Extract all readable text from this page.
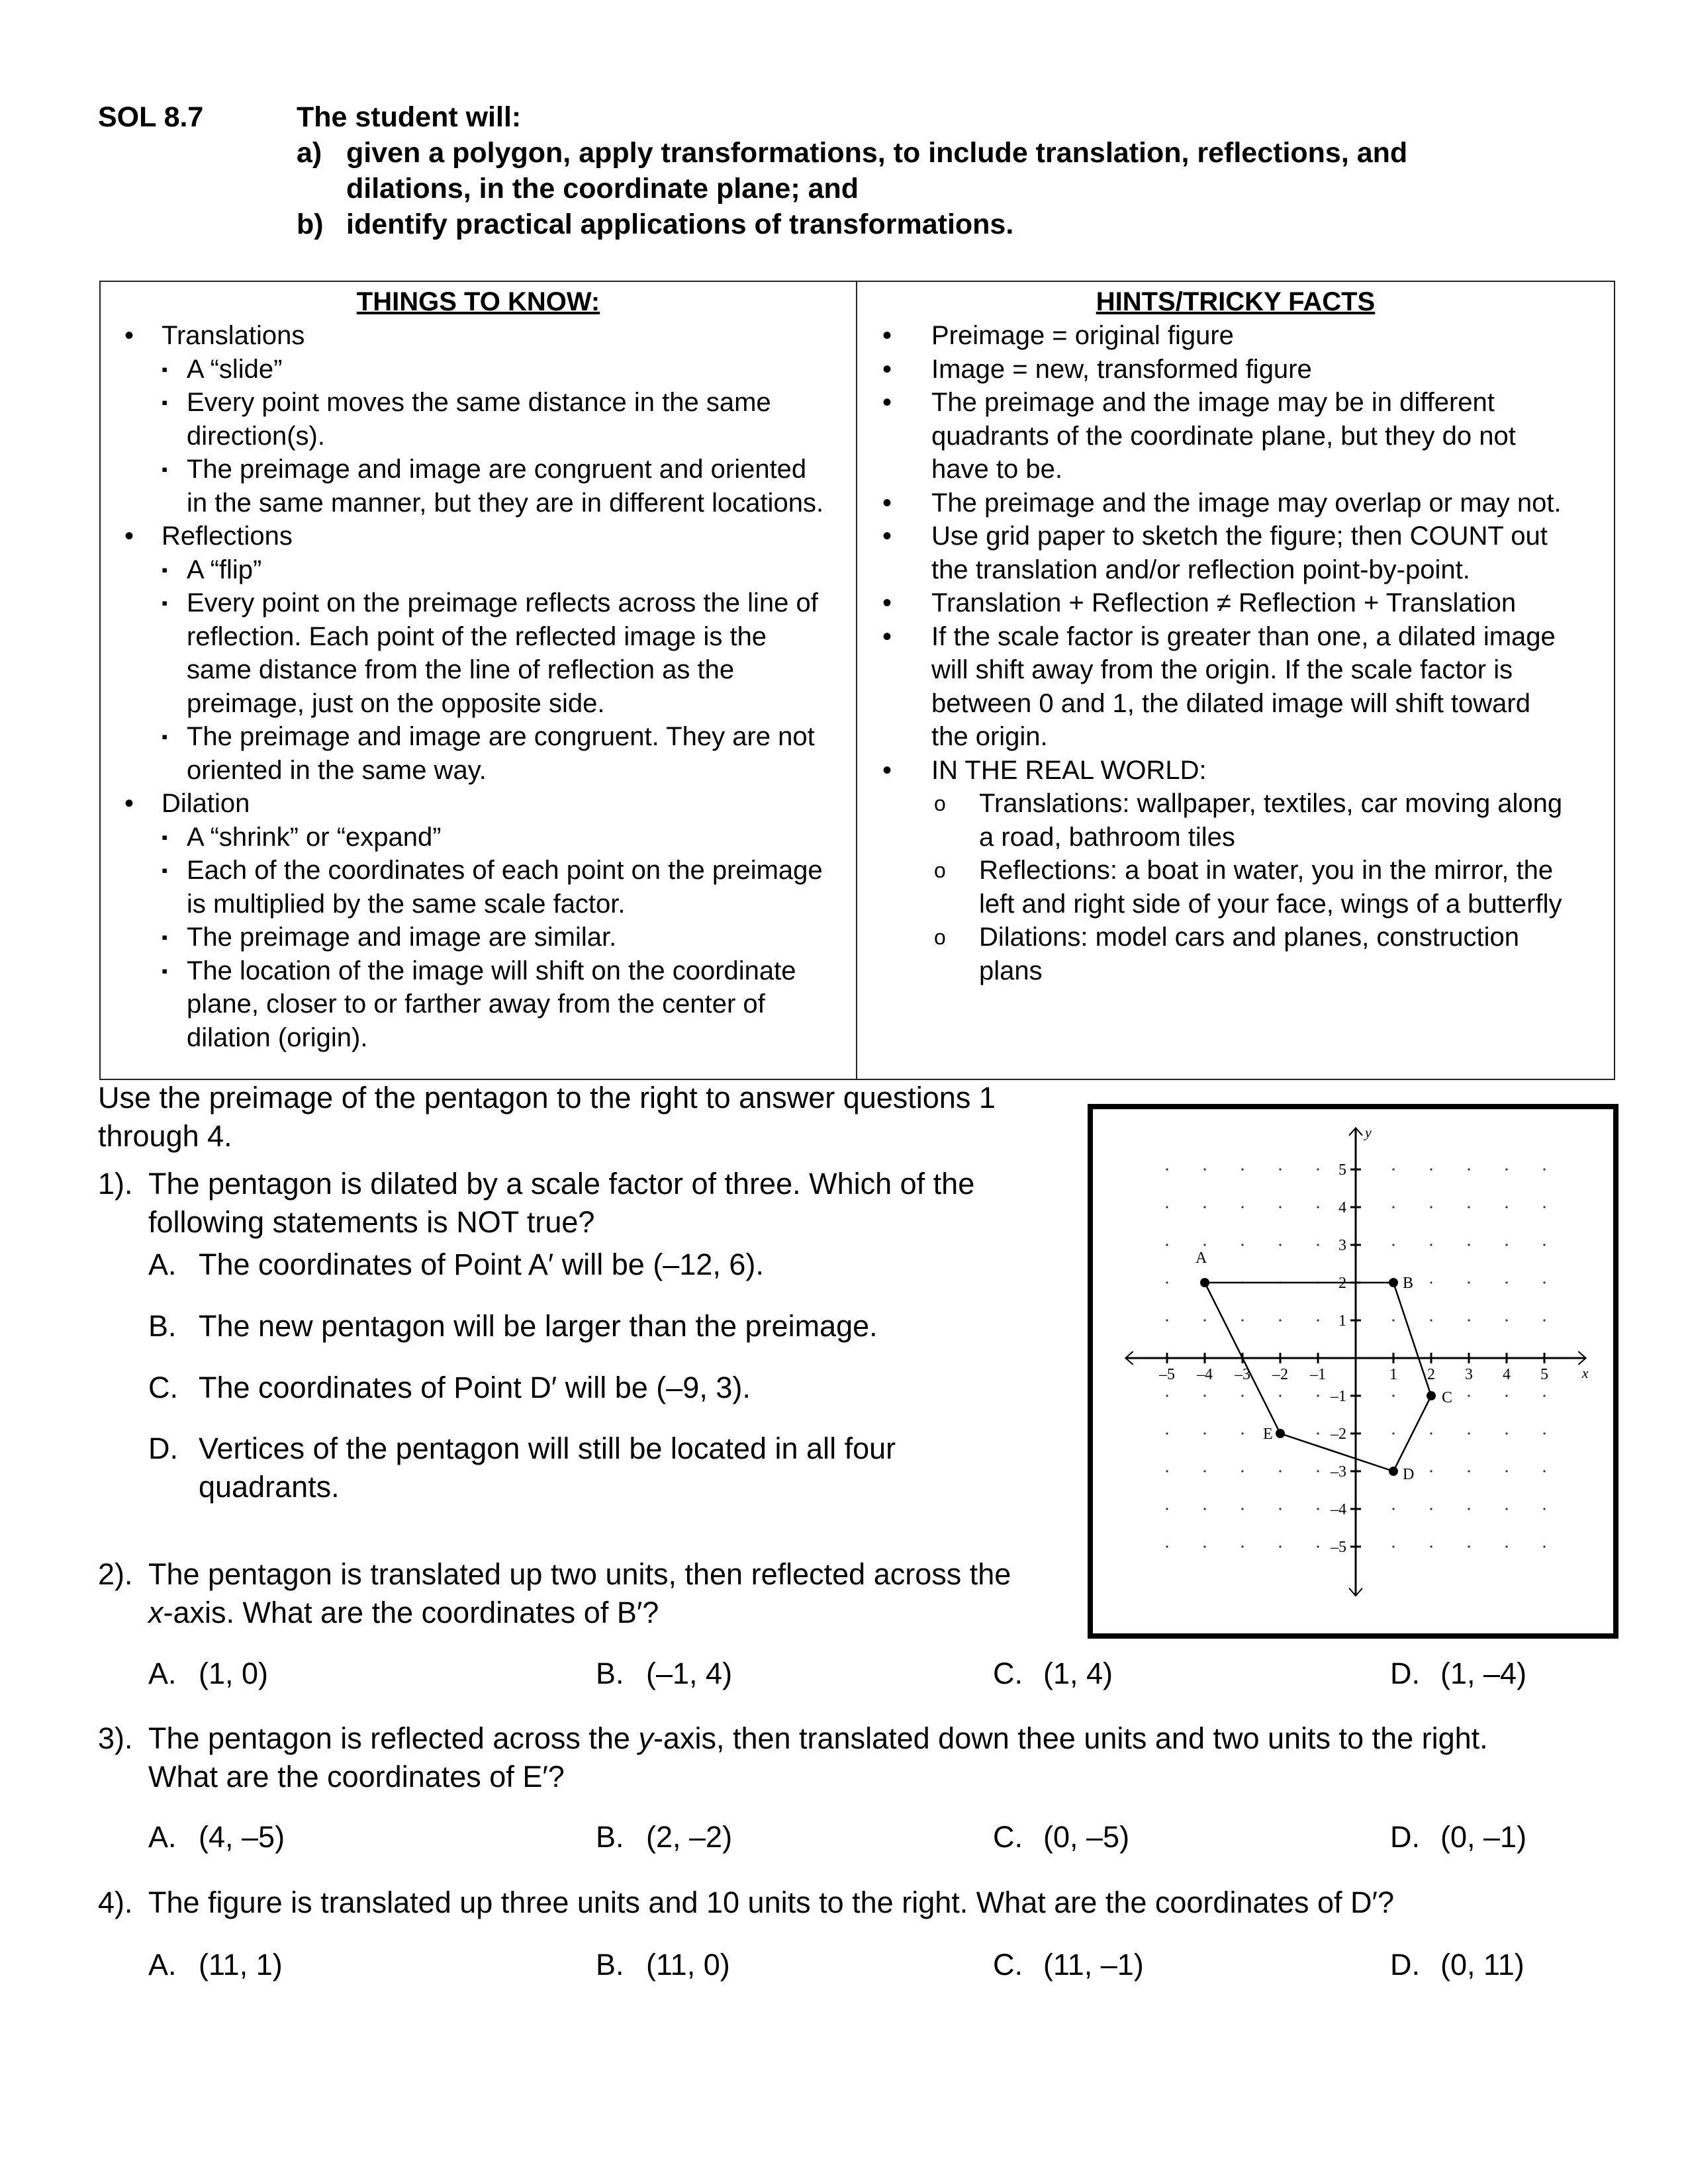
SOL 8.7	The student will:
a) given a polygon, apply transformations, to include translation, reflections, and
dilations, in the coordinate plane; and
b) identify practical applications of transformations.
THINGS TO KNOW:
•	Translations
▪ A “slide”
▪ Every point moves the same distance in the same
direction(s).
▪ The preimage and image are congruent and oriented
in the same manner, but they are in different locations.
•	Reflections
▪ A “flip”
▪ Every point on the preimage reflects across the line of
reflection. Each point of the reflected image is the
same distance from the line of reflection as the
preimage, just on the opposite side.
▪ The preimage and image are congruent. They are not
oriented in the same way.
•	Dilation
▪ A “shrink” or “expand”
▪ Each of the coordinates of each point on the preimage
is multiplied by the same scale factor.
▪ The preimage and image are similar.
▪ The location of the image will shift on the coordinate
plane, closer to or farther away from the center of
dilation (origin).
HINTS/TRICKY FACTS
•	Preimage = original figure
•	Image = new, transformed figure
•	The preimage and the image may be in different
quadrants of the coordinate plane, but they do not
have to be.
•	The preimage and the image may overlap or may not.
•	Use grid paper to sketch the figure; then COUNT out
the translation and/or reflection point-by-point.
•	Translation + Reflection ≠ Reflection + Translation
•	If the scale factor is greater than one, a dilated image
will shift away from the origin. If the scale factor is
between 0 and 1, the dilated image will shift toward
the origin.
•	IN THE REAL WORLD:
o	Translations: wallpaper, textiles, car moving along
a road, bathroom tiles
o	Reflections: a boat in water, you in the mirror, the
left and right side of your face, wings of a butterfly
o	Dilations: model cars and planes, construction
plans
Use the preimage of the pentagon to the right to answer questions 1
through 4.
1). The pentagon is dilated by a scale factor of three. Which of the
following statements is NOT true?
A. The coordinates of Point A′ will be (–12, 6).
B. The new pentagon will be larger than the preimage.
C. The coordinates of Point D′ will be (–9, 3).
D. Vertices of the pentagon will still be located in all four
quadrants.
2). The pentagon is translated up two units, then reflected across the
x-axis. What are the coordinates of B′?
A. (1, 0)	B. (–1, 4)	C. (1, 4)	D. (1, –4)
3). The pentagon is reflected across the y-axis, then translated down thee units and two units to the right.
What are the coordinates of E′?
A. (4, –5)	B. (2, –2)	C. (0, –5)	D. (0, –1)
4). The figure is translated up three units and 10 units to the right. What are the coordinates of D′?
A. (11, 1)	B. (11, 0)	C. (11, –1)	D. (0, 11)
–5 –4 –3 –2 –1	1 2 3 4 5
5
4
3
2
1
–1
–2
–3
–4
–5
x
y
A
B
C
D
E
